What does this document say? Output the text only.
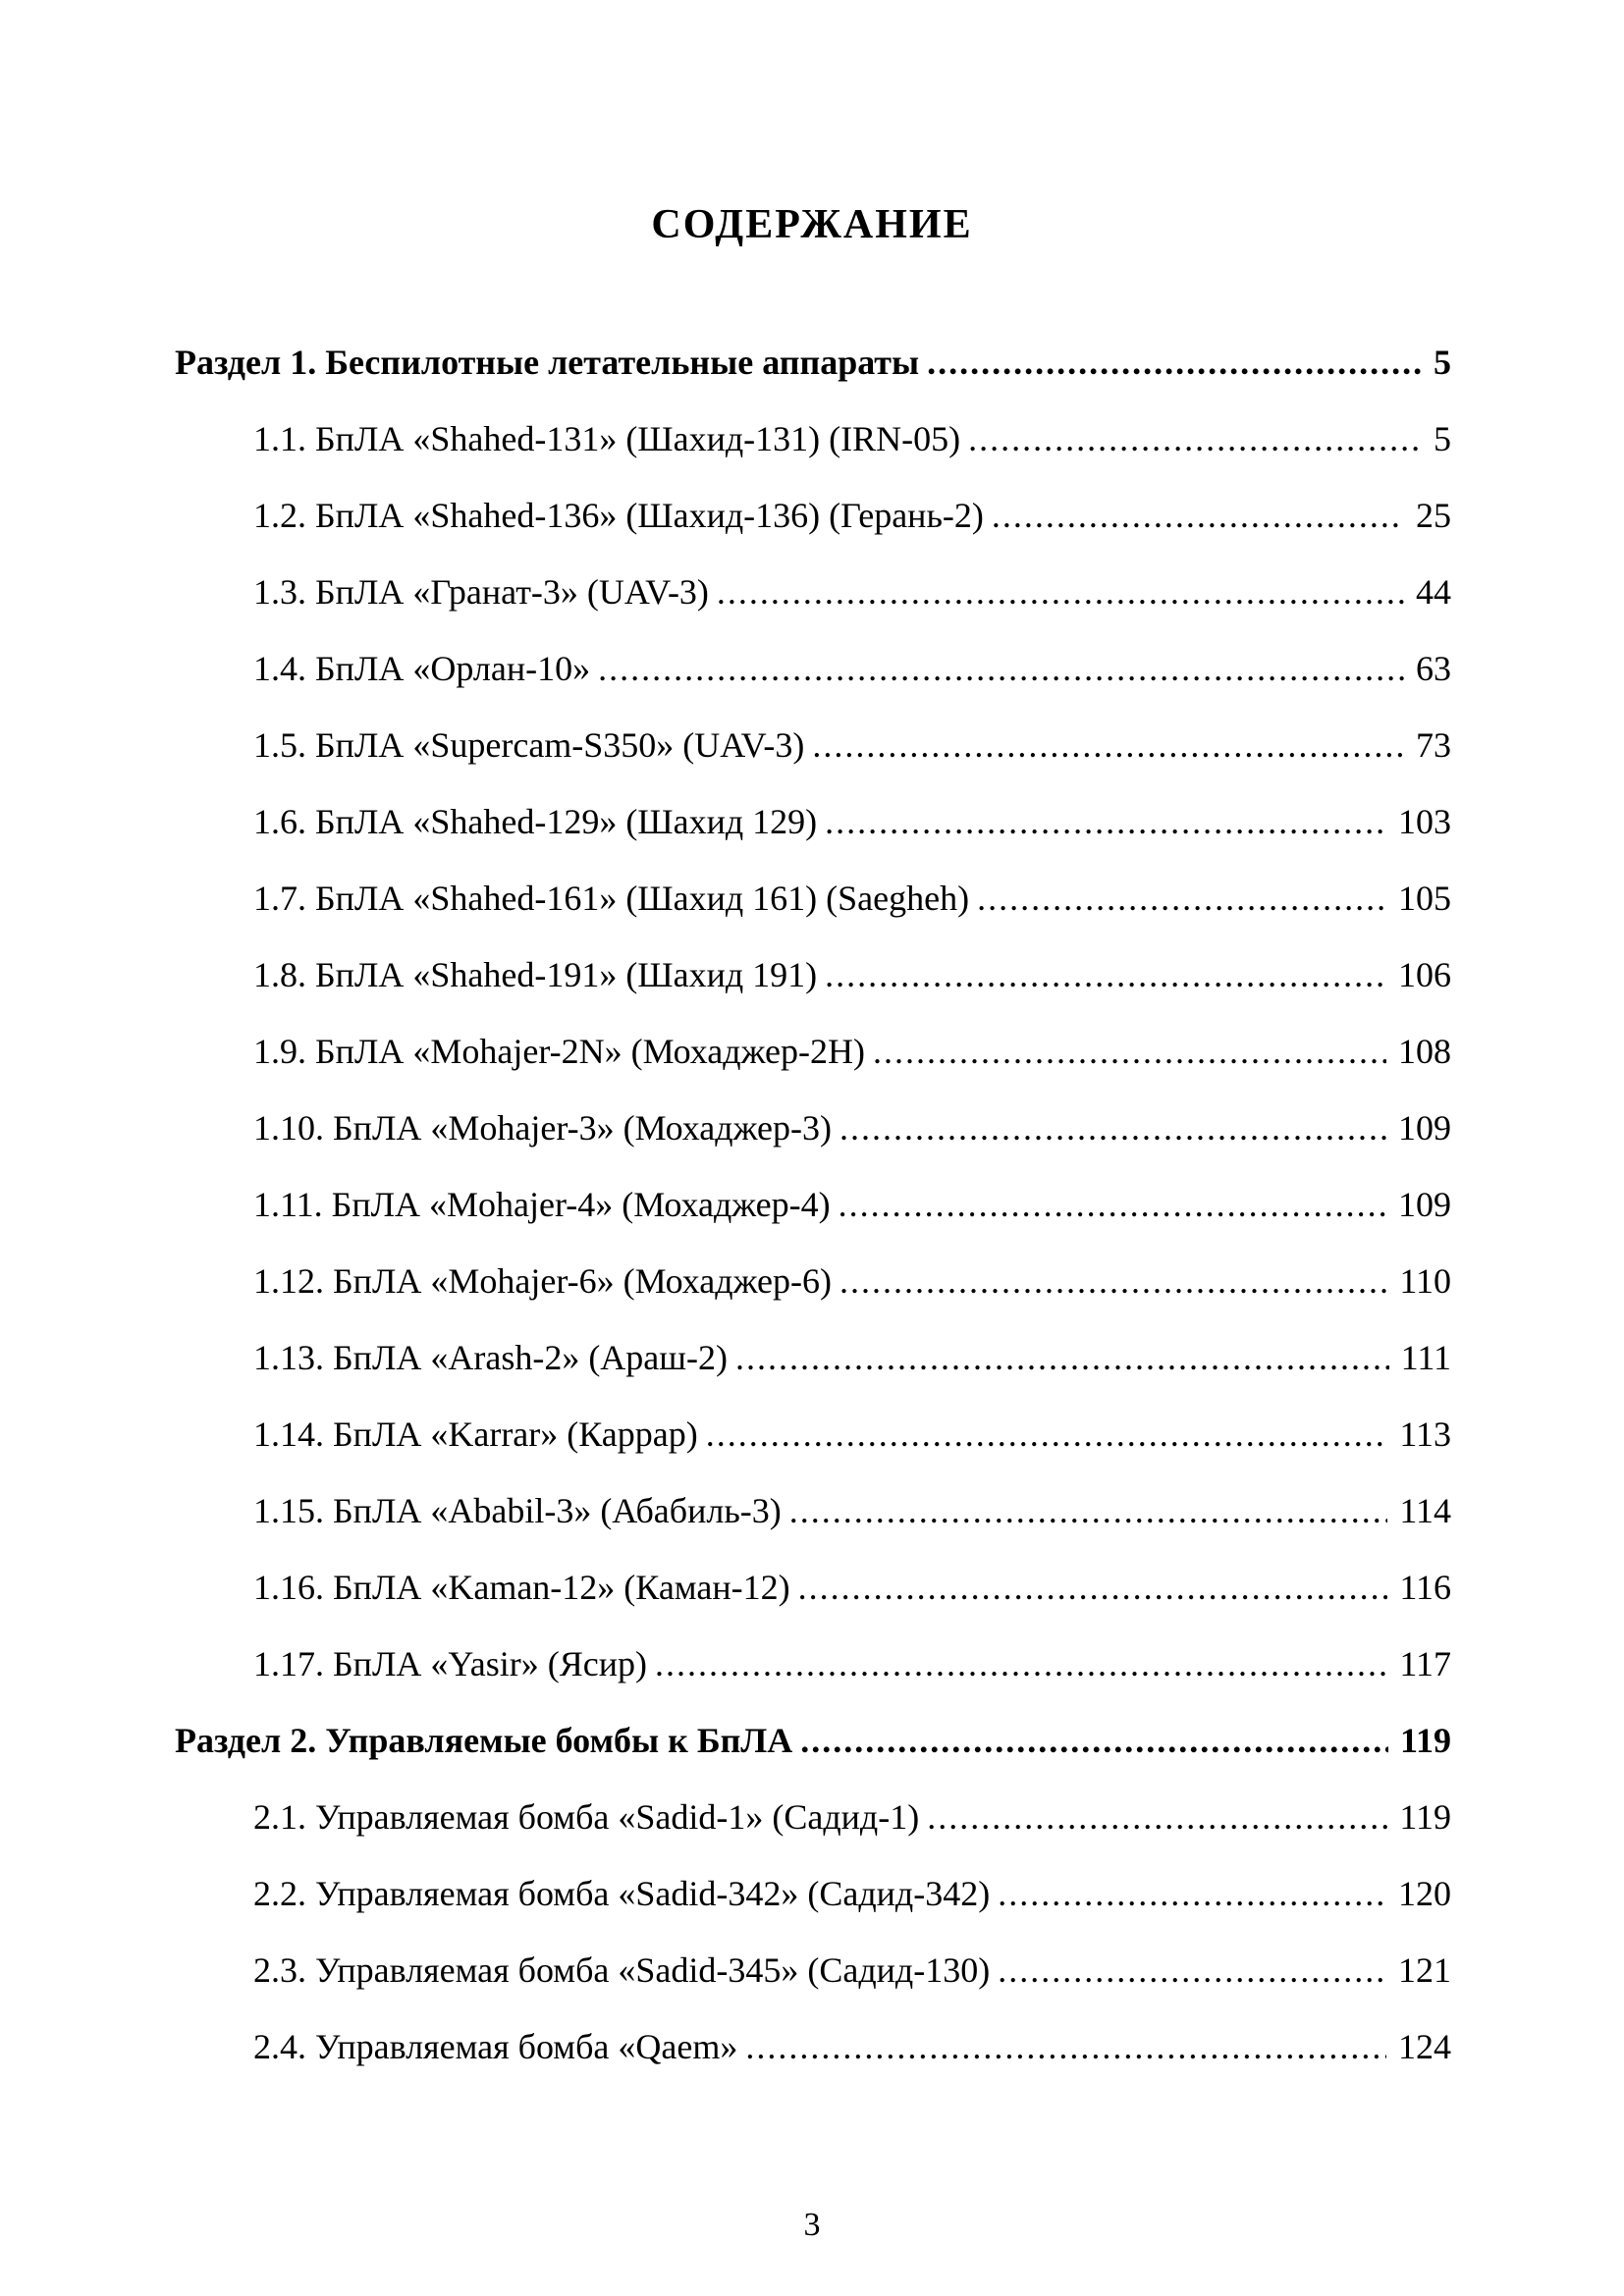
СОДЕРЖАНИЕ
Раздел 1. Беспилотные летательные аппараты .....	5
1.1. БпЛА «Shahed-131» (Шахид-131) (IRN-05) .....	5
1.2. БпЛА «Shahed-136» (Шахид-136) (Герань-2) .....	25
1.3. БпЛА «Гранат-3» (UAV-3) .....	44
1.4. БпЛА «Орлан-10» .....	63
1.5. БпЛА «Supercam-S350» (UAV-3) .....	73
1.6. БпЛА «Shahed-129» (Шахид 129) .....	103
1.7. БпЛА «Shahed-161» (Шахид 161) (Saegheh) .....	105
1.8. БпЛА «Shahed-191» (Шахид 191) .....	106
1.9. БпЛА «Mohajer-2N» (Мохаджер-2Н) .....	108
1.10. БпЛА «Mohajer-3» (Мохаджер-3) .....	109
1.11. БпЛА «Mohajer-4» (Мохаджер-4) .....	109
1.12. БпЛА «Mohajer-6» (Мохаджер-6) .....	110
1.13. БпЛА «Arash-2» (Араш-2) .....	111
1.14. БпЛА «Karrar» (Каррар) .....	113
1.15. БпЛА «Ababil-3» (Абабиль-3) .....	114
1.16. БпЛА «Kaman-12» (Каман-12) .....	116
1.17. БпЛА «Yasir» (Ясир) .....	117
Раздел 2. Управляемые бомбы к БпЛА .....	119
2.1. Управляемая бомба «Sadid-1» (Садид-1) .....	119
2.2. Управляемая бомба «Sadid-342» (Садид-342) .....	120
2.3. Управляемая бомба «Sadid-345» (Садид-130) .....	121
2.4. Управляемая бомба «Qaem» .....	124
3
